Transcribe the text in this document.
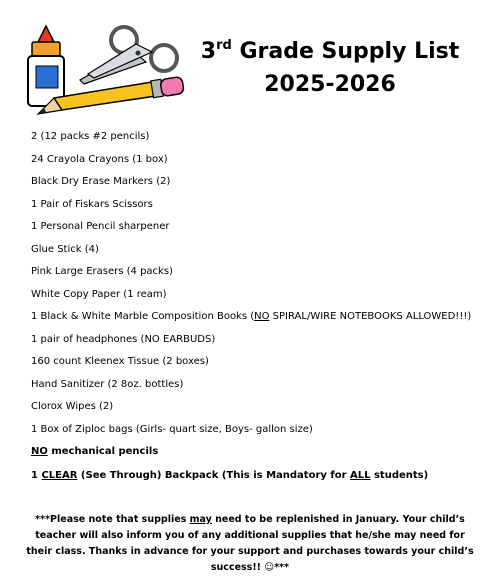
3rd Grade Supply List
2025-2026
2 (12 packs #2 pencils)
24 Crayola Crayons (1 box)
Black Dry Erase Markers (2)
1 Pair of Fiskars Scissors
1 Personal Pencil sharpener
Glue Stick (4)
Pink Large Erasers (4 packs)
White Copy Paper (1 ream)
1 Black & White Marble Composition Books (NO SPIRAL/WIRE NOTEBOOKS ALLOWED!!!)
1 pair of headphones (NO EARBUDS)
160 count Kleenex Tissue (2 boxes)
Hand Sanitizer (2 8oz. bottles)
Clorox Wipes (2)
1 Box of Ziploc bags (Girls- quart size, Boys- gallon size)
NO mechanical pencils
1 CLEAR (See Through) Backpack (This is Mandatory for ALL students)
***Please note that supplies may need to be replenished in January. Your child’s teacher will also inform you of any additional supplies that he/she may need for their class. Thanks in advance for your support and purchases towards your child’s success!! ☺***
